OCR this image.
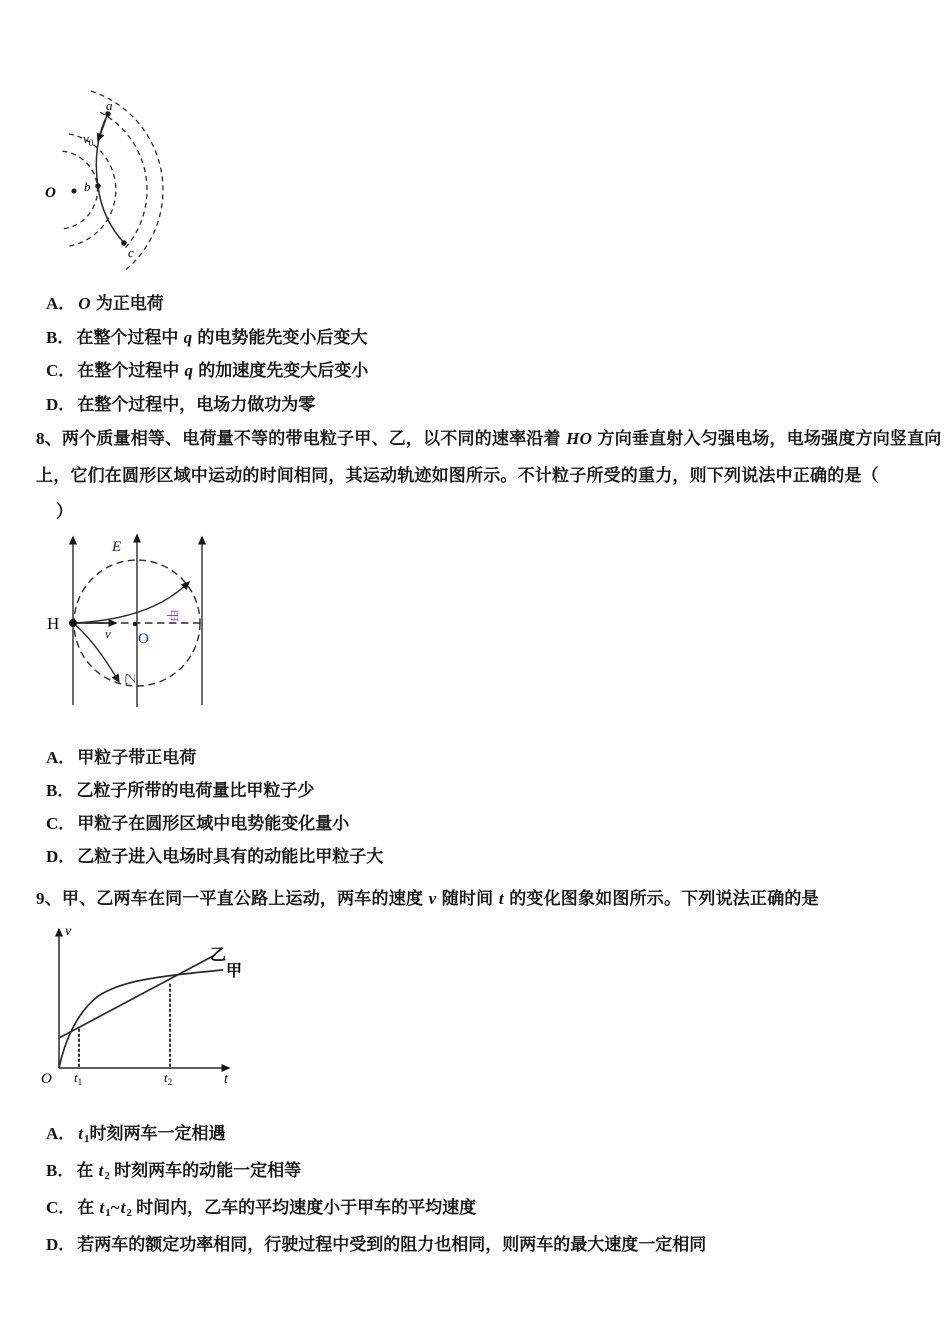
O
a
b
c
$v_0$
A． O 为正电荷
B． 在整个过程中 q 的电势能先变小后变大
C． 在整个过程中 q 的加速度先变大后变小
D． 在整个过程中，电场力做功为零
8、两个质量相等、电荷量不等的带电粒子甲、乙，以不同的速率沿着 HO 方向垂直射入匀强电场，电场强度方向竖直向
上，它们在圆形区域中运动的时间相同，其运动轨迹如图所示。不计粒子所受的重力，则下列说法中正确的是（
）
E
H
v O
甲
乙
A． 甲粒子带正电荷
B． 乙粒子所带的电荷量比甲粒子少
C． 甲粒子在圆形区域中电势能变化量小
D． 乙粒子进入电场时具有的动能比甲粒子大
9、甲、乙两车在同一平直公路上运动，两车的速度 v 随时间 t 的变化图象如图所示。下列说法正确的是
O
v
t
$t_1$	$t_2$
乙
甲
A． $t_1$时刻两车一定相遇
B． 在 $t_2$ 时刻两车的动能一定相等
C． 在 $t_1\sim t_2$ 时间内，乙车的平均速度小于甲车的平均速度
D． 若两车的额定功率相同，行驶过程中受到的阻力也相同，则两车的最大速度一定相同
